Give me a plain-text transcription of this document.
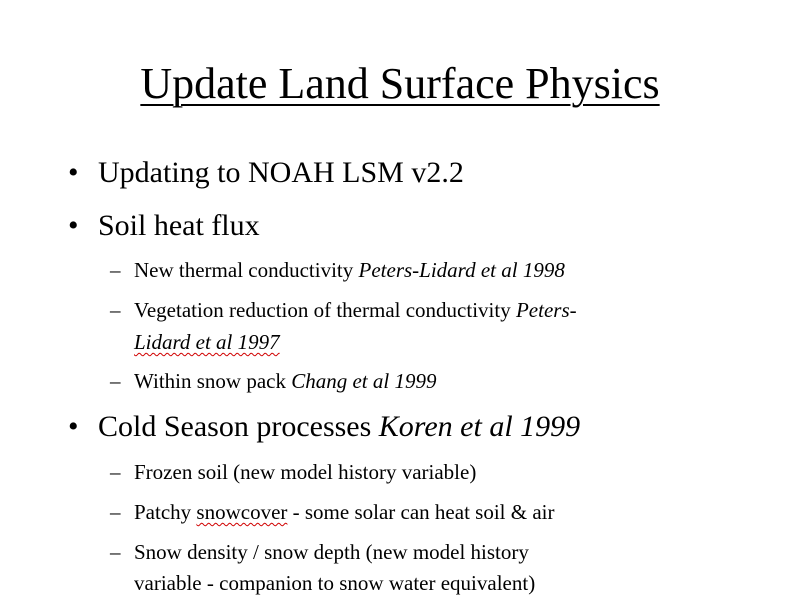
Update Land Surface Physics
• Updating to NOAH LSM v2.2
• Soil heat flux
– New thermal conductivity Peters-Lidard et al 1998
– Vegetation reduction of thermal conductivity Peters-
Lidard et al 1997
– Within snow pack Chang et al 1999
• Cold Season processes Koren et al 1999
– Frozen soil (new model history variable)
– Patchy snowcover - some solar can heat soil & air
– Snow density / snow depth (new model history
variable - companion to snow water equivalent)
